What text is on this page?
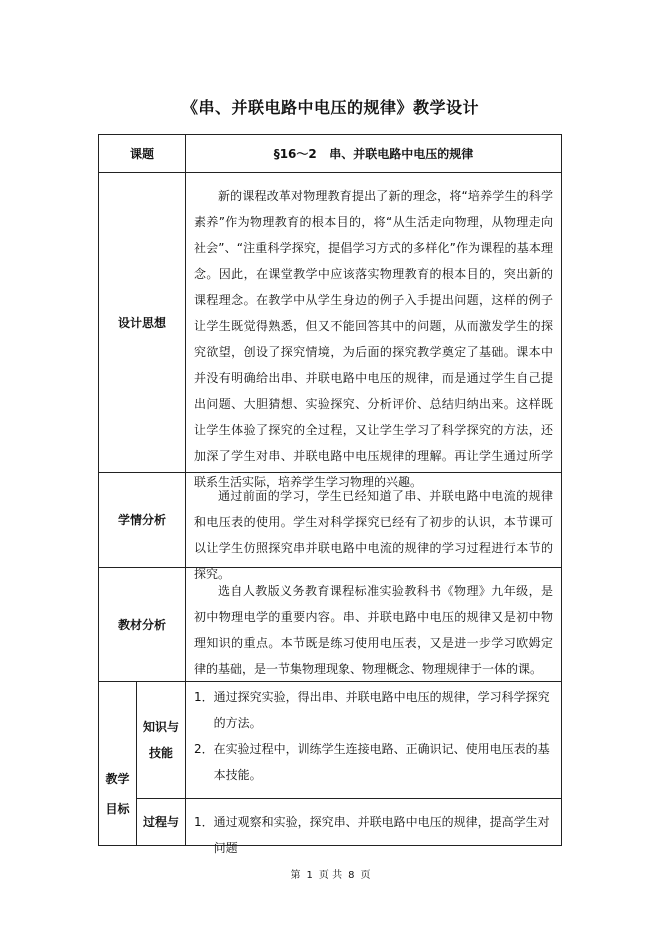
《串、并联电路中电压的规律》教学设计
课题	§16～2   串、并联电路中电压的规律
设计思想
新的课程改革对物理教育提出了新的理念，将“培养学生的科学素养”作为物理教育的根本目的，将“从生活走向物理，从物理走向社会”、“注重科学探究，提倡学习方式的多样化”作为课程的基本理念。因此，在课堂教学中应该落实物理教育的根本目的，突出新的课程理念。在教学中从学生身边的例子入手提出问题，这样的例子让学生既觉得熟悉，但又不能回答其中的问题，从而激发学生的探究欲望，创设了探究情境，为后面的探究教学奠定了基础。课本中并没有明确给出串、并联电路中电压的规律，而是通过学生自己提出问题、大胆猜想、实验探究、分析评价、总结归纳出来。这样既让学生体验了探究的全过程，又让学生学习了科学探究的方法，还加深了学生对串、并联电路中电压规律的理解。再让学生通过所学联系生活实际，培养学生学习物理的兴趣。
学情分析
通过前面的学习，学生已经知道了串、并联电路中电流的规律和电压表的使用。学生对科学探究已经有了初步的认识，本节课可以让学生仿照探究串并联电路中电流的规律的学习过程进行本节的探究。
教材分析
选自人教版义务教育课程标准实验教科书《物理》九年级，是初中物理电学的重要内容。串、并联电路中电压的规律又是初中物理知识的重点。本节既是练习使用电压表，又是进一步学习欧姆定律的基础，是一节集物理现象、物理概念、物理规律于一体的课。
教学
目标
知识与
技能
1． 通过探究实验，得出串、并联电路中电压的规律，学习科学探究的方法。
2． 在实验过程中，训练学生连接电路、正确识记、使用电压表的基本技能。
过程与 1． 通过观察和实验，探究串、并联电路中电压的规律，提高学生对问题
第 1 页 共 8 页
